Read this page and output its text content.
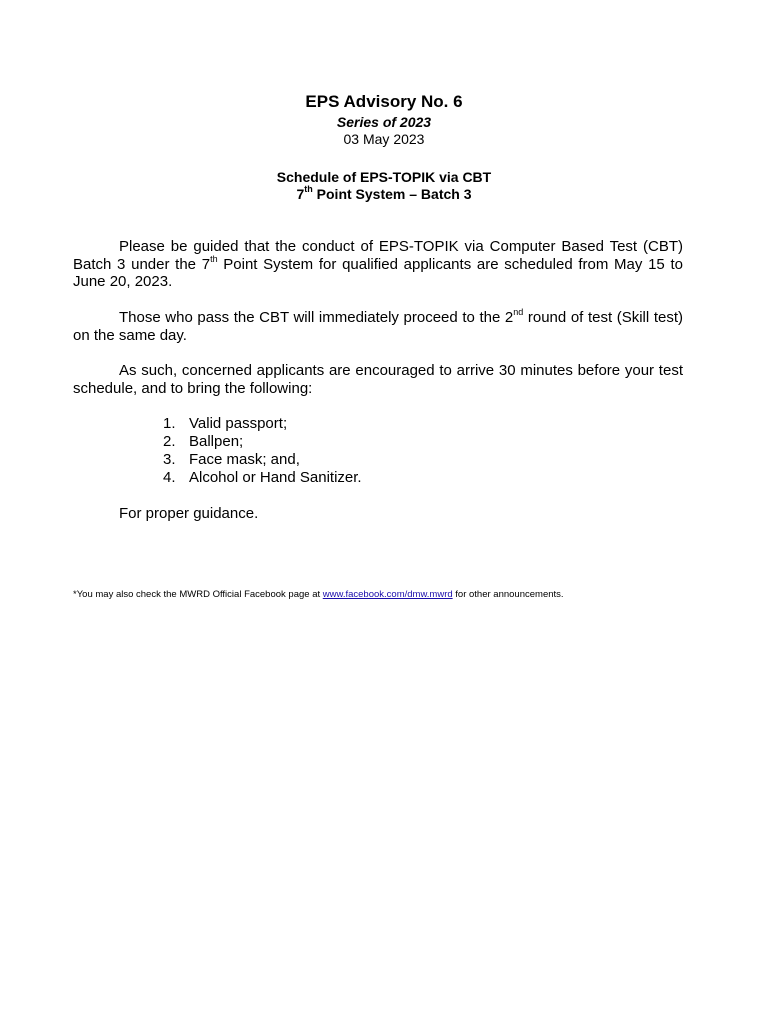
EPS Advisory No. 6
Series of 2023
03 May 2023
Schedule of EPS-TOPIK via CBT
7th Point System – Batch 3

Please be guided that the conduct of EPS-TOPIK via Computer Based Test (CBT) Batch 3 under the 7th Point System for qualified applicants are scheduled from May 15 to June 20, 2023.

Those who pass the CBT will immediately proceed to the 2nd round of test (Skill test) on the same day.

As such, concerned applicants are encouraged to arrive 30 minutes before your test schedule, and to bring the following:

1. Valid passport;
2. Ballpen;
3. Face mask; and,
4. Alcohol or Hand Sanitizer.
For proper guidance.
*You may also check the MWRD Official Facebook page at www.facebook.com/dmw.mwrd for other announcements.
